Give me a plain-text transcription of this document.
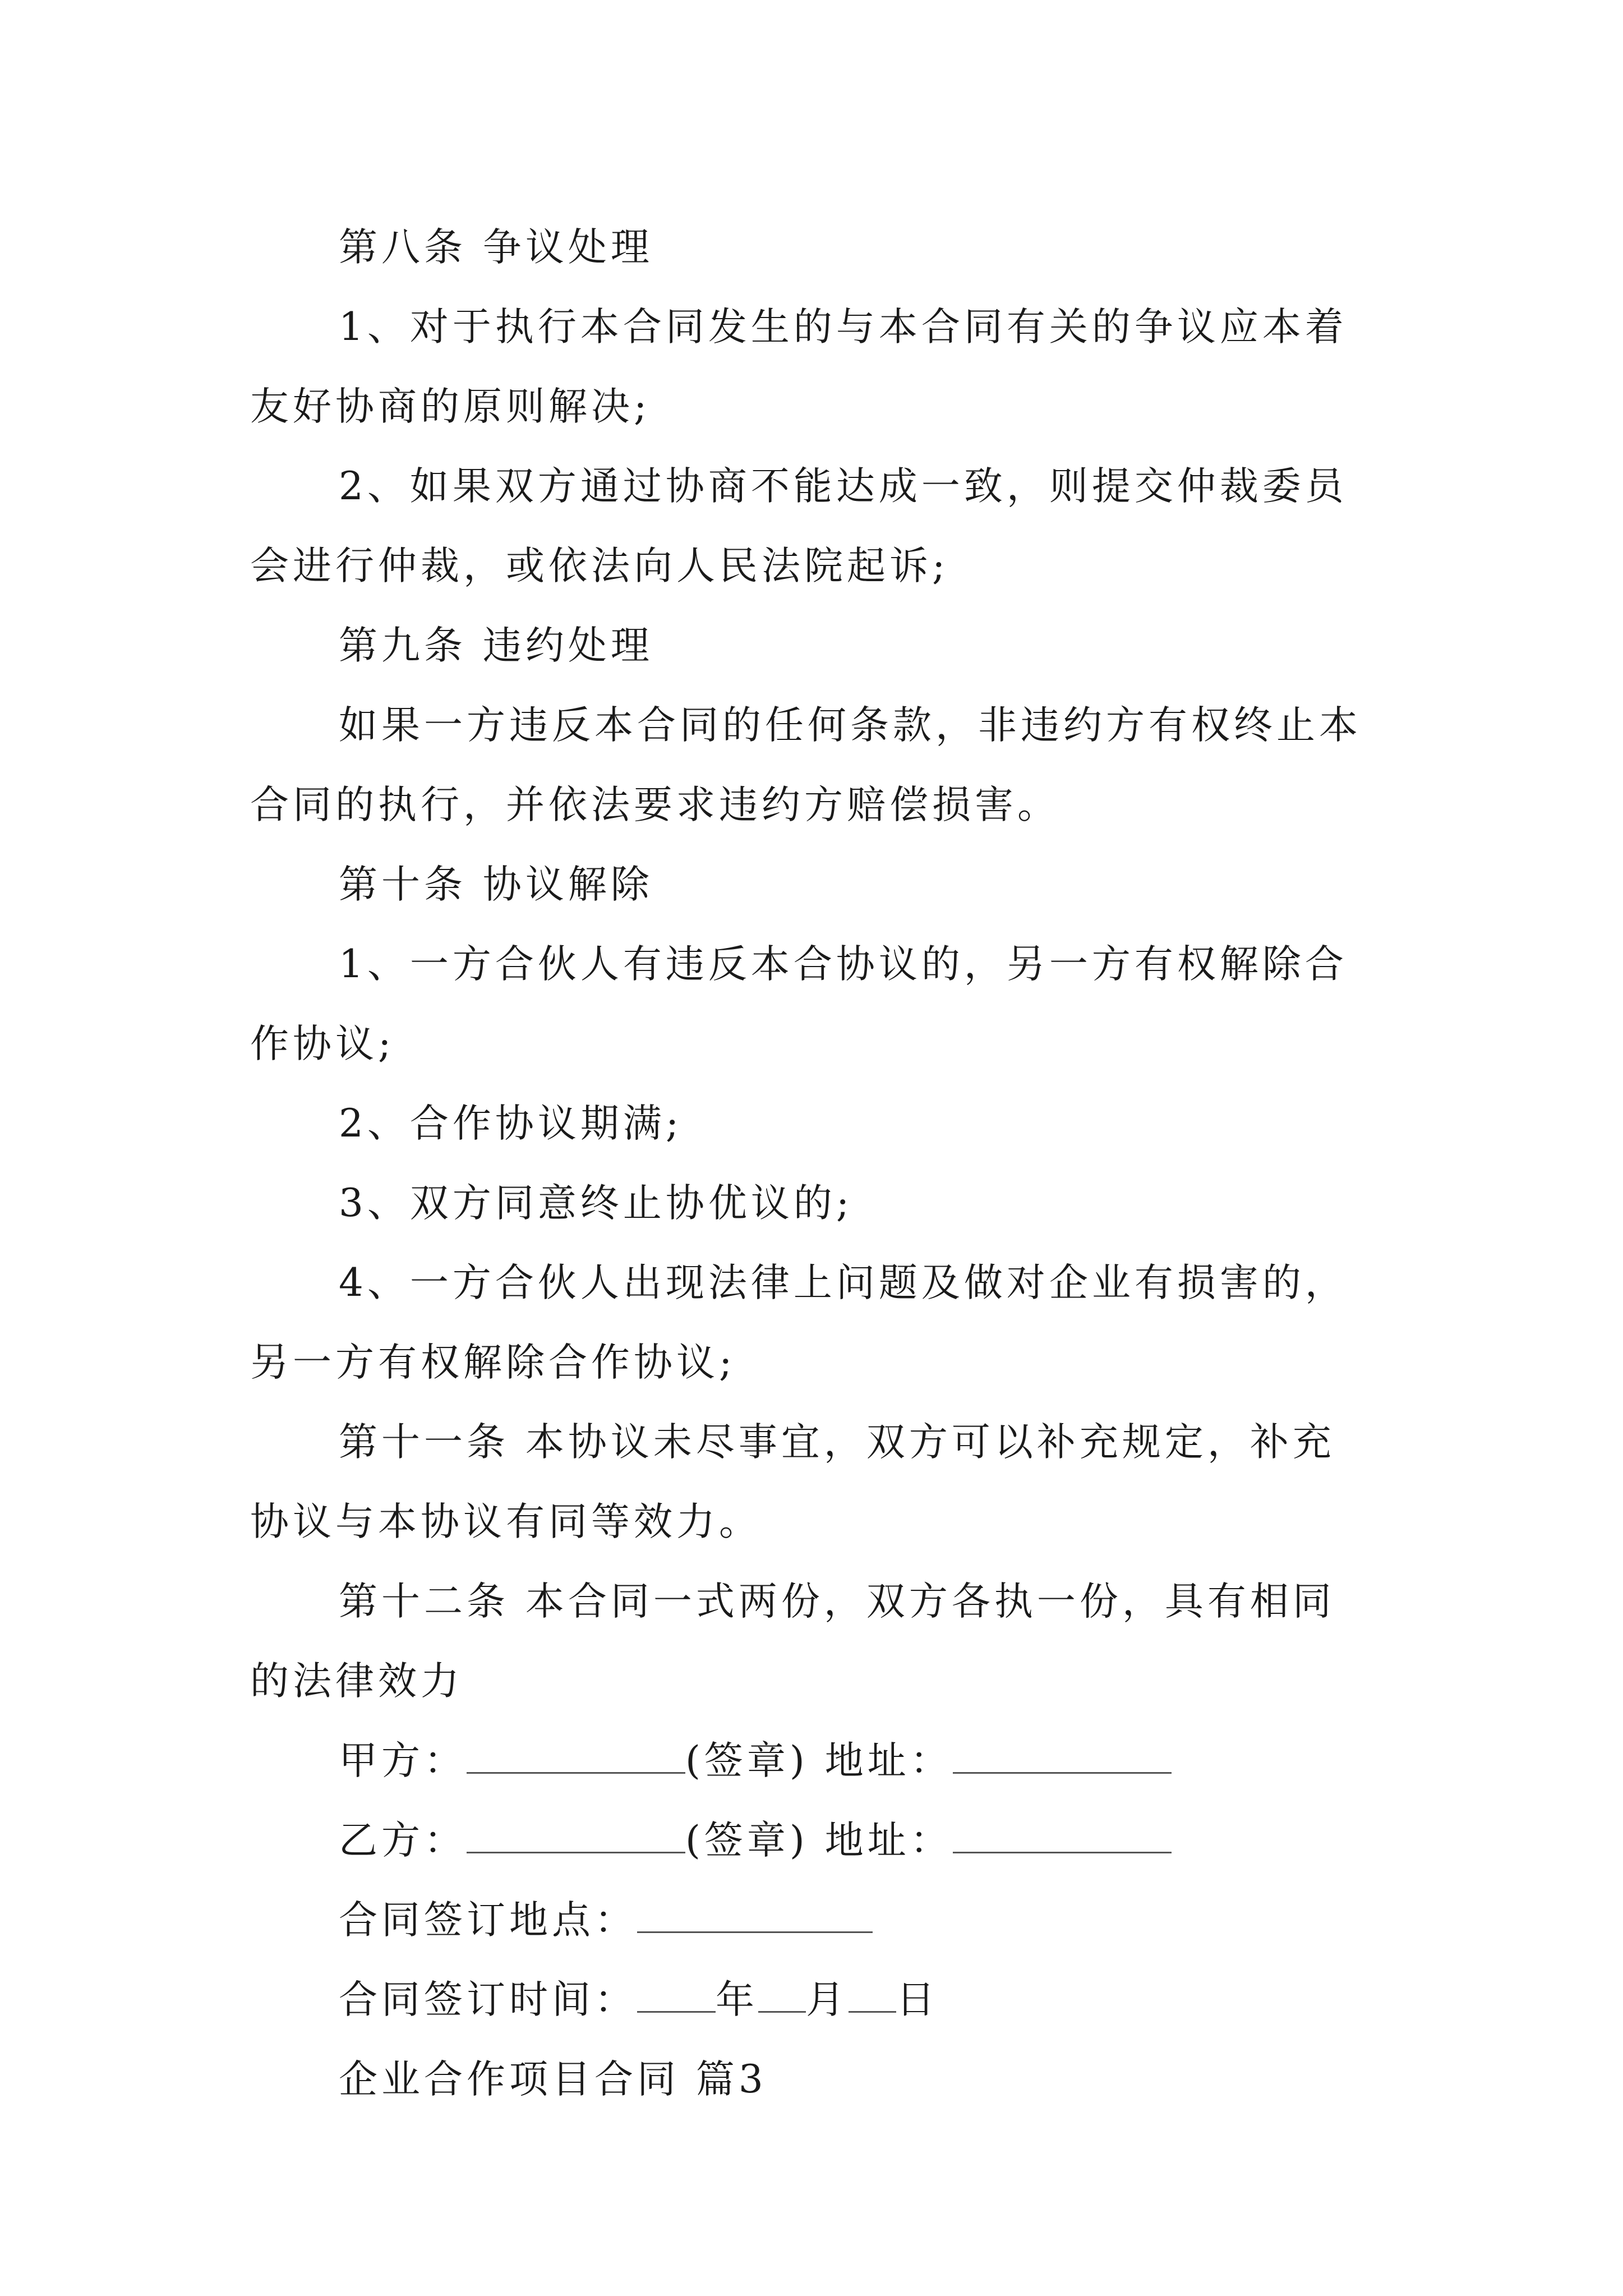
第八条 争议处理
1、对于执行本合同发生的与本合同有关的争议应本着
友好协商的原则解决;
2、如果双方通过协商不能达成一致，则提交仲裁委员
会进行仲裁，或依法向人民法院起诉;
第九条 违约处理
如果一方违反本合同的任何条款，非违约方有权终止本
合同的执行，并依法要求违约方赔偿损害。
第十条 协议解除
1、一方合伙人有违反本合协议的，另一方有权解除合
作协议;
2、合作协议期满;
3、双方同意终止协优议的;
4、一方合伙人出现法律上问题及做对企业有损害的，
另一方有权解除合作协议;
第十一条 本协议未尽事宜，双方可以补充规定，补充
协议与本协议有同等效力。
第十二条 本合同一式两份，双方各执一份，具有相同
的法律效力
甲方：	(签章) 地址：
乙方：	(签章) 地址：
合同签订地点：
合同签订时间： 年 月 日
企业合作项目合同 篇3
